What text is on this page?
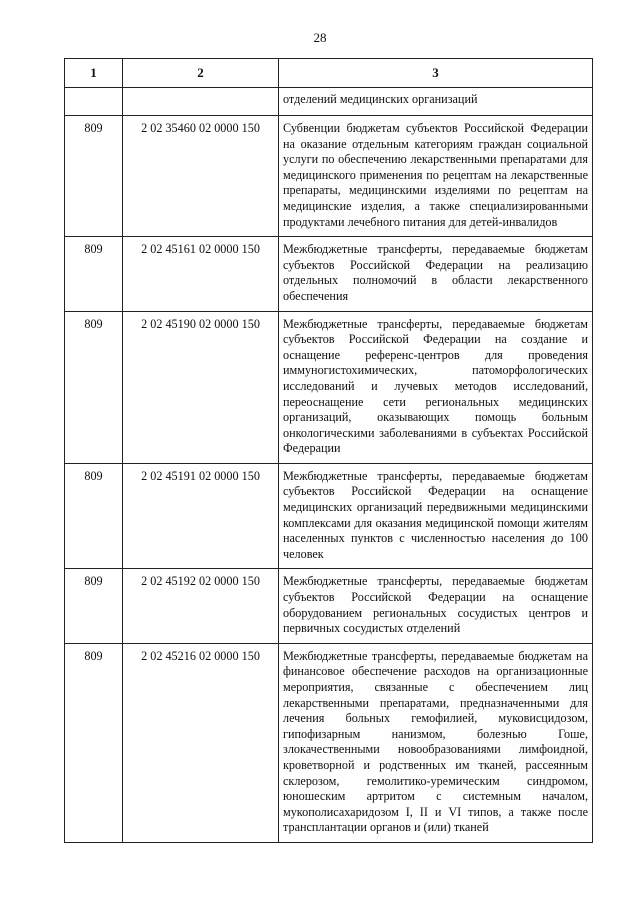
28
1	2	3
		отделений медицинских организаций
809	2 02 35460 02 0000 150	Субвенции бюджетам субъектов Российской Федерации на оказание отдельным категориям граждан социальной услуги по обеспечению лекарственными препаратами для медицинского применения по рецептам на лекарственные препараты, медицинскими изделиями по рецептам на медицинские изделия, а также специализированными продуктами лечебного питания для детей-инвалидов
809	2 02 45161 02 0000 150	Межбюджетные трансферты, передаваемые бюджетам субъектов Российской Федерации на реализацию отдельных полномочий в области лекарственного обеспечения
809	2 02 45190 02 0000 150	Межбюджетные трансферты, передаваемые бюджетам субъектов Российской Федерации на создание и оснащение референс-центров для проведения иммуногистохимических, патоморфологических исследований и лучевых методов исследований, переоснащение сети региональных медицинских организаций, оказывающих помощь больным онкологическими заболеваниями в субъектах Российской Федерации
809	2 02 45191 02 0000 150	Межбюджетные трансферты, передаваемые бюджетам субъектов Российской Федерации на оснащение медицинских организаций передвижными медицинскими комплексами для оказания медицинской помощи жителям населенных пунктов с численностью населения до 100 человек
809	2 02 45192 02 0000 150	Межбюджетные трансферты, передаваемые бюджетам субъектов Российской Федерации на оснащение оборудованием региональных сосудистых центров и первичных сосудистых отделений
809	2 02 45216 02 0000 150	Межбюджетные трансферты, передаваемые бюджетам на финансовое обеспечение расходов на организационные мероприятия, связанные с обеспечением лиц лекарственными препаратами, предназначенными для лечения больных гемофилией, муковисцидозом, гипофизарным нанизмом, болезнью Гоше, злокачественными новообразованиями лимфоидной, кроветворной и родственных им тканей, рассеянным склерозом, гемолитико-уремическим синдромом, юношеским артритом с системным началом, мукополисахаридозом I, II и VI типов, а также после трансплантации органов и (или) тканей
